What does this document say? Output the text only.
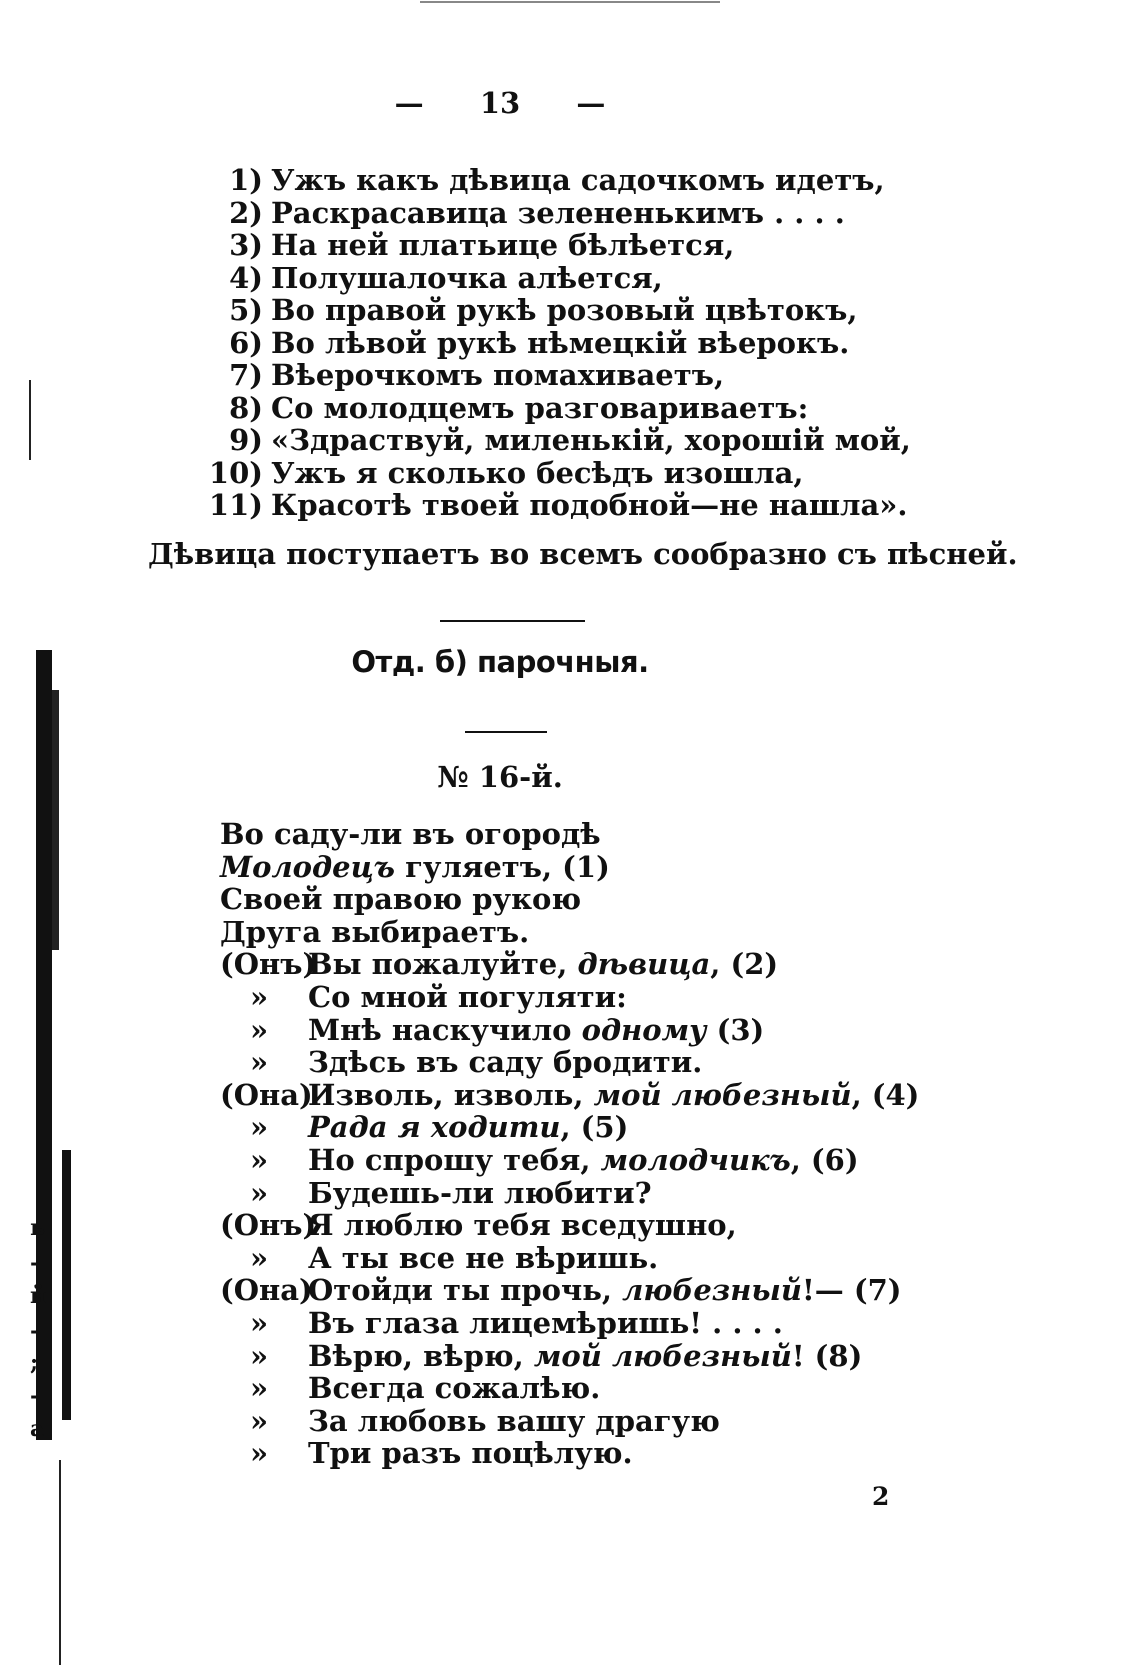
ь
-
й
-
;
-
а
— 13 —
1) Ужъ какъ дѣвица садочкомъ идетъ,
2) Раскрасавица зелененькимъ . . . .
3) На ней платьице бѣлѣется,
4) Полушалочка алѣется,
5) Во правой рукѣ розовый цвѣтокъ,
6) Во лѣвой рукѣ нѣмецкій вѣерокъ.
7) Вѣерочкомъ помахиваетъ,
8) Со молодцемъ разговариваетъ:
9) «Здраствуй, миленькій, хорошій мой,
10) Ужъ я сколько бесѣдъ изошла,
11) Красотѣ твоей подобной—не нашла».
Дѣвица поступаетъ во всемъ сообразно съ пѣсней.
Отд. б) парочныя.
№ 16-й.
Во саду-ли въ огородѣ
Молодецъ гуляетъ, (1)
Своей правою рукою
Друга выбираетъ.
(Онъ)Вы пожалуйте, дѣвица, (2)
» Со мной погуляти:
» Мнѣ наскучило одному (3)
» Здѣсь въ саду бродити.
(Она)Изволь, изволь, мой любезный, (4)
» Рада я ходити, (5)
» Но спрошу тебя, молодчикъ, (6)
» Будешь-ли любити?
(Онъ)Я люблю тебя вседушно,
» А ты все не вѣришь.
(Она)Отойди ты прочь, любезный!— (7)
» Въ глаза лицемѣришь! . . . .
» Вѣрю, вѣрю, мой любезный! (8)
» Всегда сожалѣю.
» За любовь вашу драгую
» Три разъ поцѣлую.
2
